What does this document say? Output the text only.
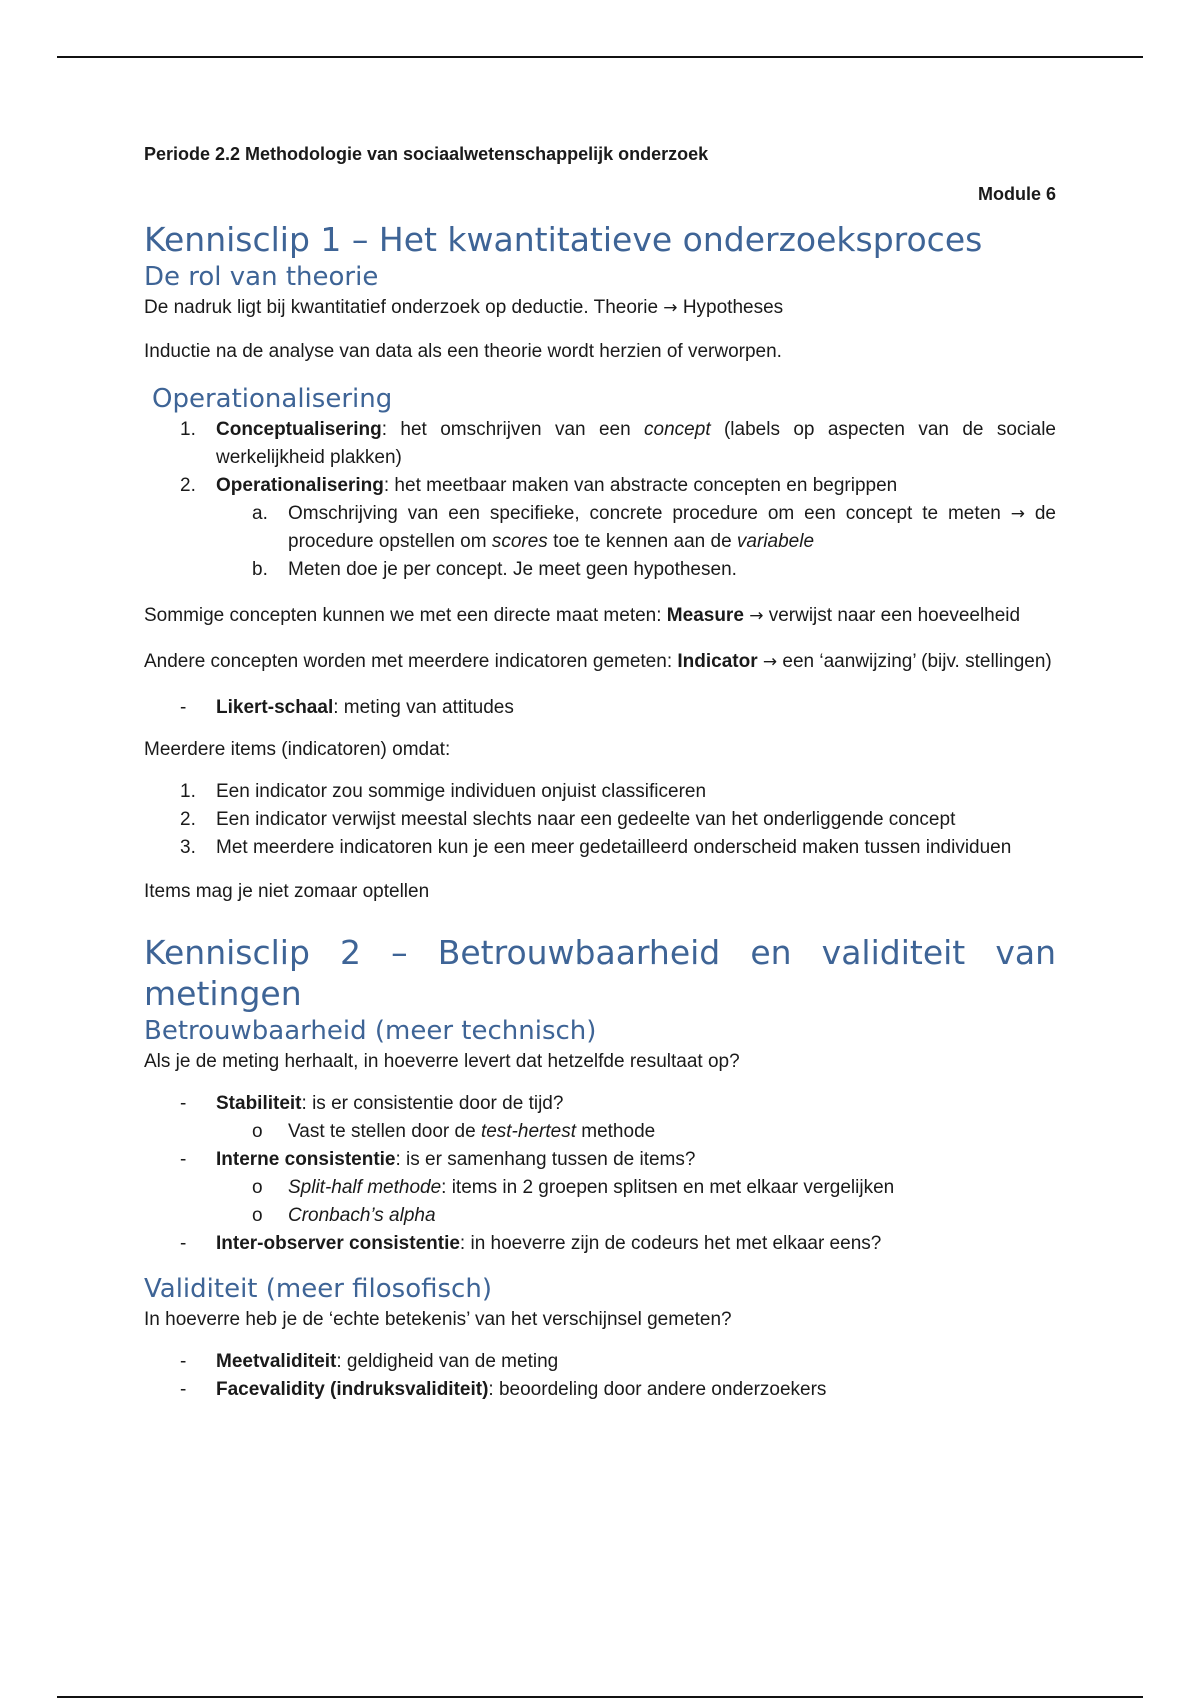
Periode 2.2 Methodologie van sociaalwetenschappelijk onderzoek
Module 6
Kennisclip 1 – Het kwantitatieve onderzoeksproces
De rol van theorie

De nadruk ligt bij kwantitatief onderzoek op deductie. Theorie → Hypotheses

Inductie na de analyse van data als een theorie wordt herzien of verworpen.

Operationalisering
1. Conceptualisering: het omschrijven van een concept (labels op aspecten van de sociale werkelijkheid plakken)
2. Operationalisering: het meetbaar maken van abstracte concepten en begrippen
a. Omschrijving van een specifieke, concrete procedure om een concept te meten → de procedure opstellen om scores toe te kennen aan de variabele
b. Meten doe je per concept. Je meet geen hypothesen.

Sommige concepten kunnen we met een directe maat meten: Measure → verwijst naar een hoeveelheid

Andere concepten worden met meerdere indicatoren gemeten: Indicator → een ‘aanwijzing’ (bijv. stellingen)

- Likert-schaal: meting van attitudes

Meerdere items (indicatoren) omdat:

1. Een indicator zou sommige individuen onjuist classificeren
2. Een indicator verwijst meestal slechts naar een gedeelte van het onderliggende concept
3. Met meerdere indicatoren kun je een meer gedetailleerd onderscheid maken tussen individuen

Items mag je niet zomaar optellen

Kennisclip 2 – Betrouwbaarheid en validiteit van metingen
Betrouwbaarheid (meer technisch)

Als je de meting herhaalt, in hoeverre levert dat hetzelfde resultaat op?

- Stabiliteit: is er consistentie door de tijd?
o Vast te stellen door de test-hertest methode
- Interne consistentie: is er samenhang tussen de items?
o Split-half methode: items in 2 groepen splitsen en met elkaar vergelijken
o Cronbach’s alpha
- Inter-observer consistentie: in hoeverre zijn de codeurs het met elkaar eens?
Validiteit (meer filosofisch)

In hoeverre heb je de ‘echte betekenis’ van het verschijnsel gemeten?

- Meetvaliditeit: geldigheid van de meting
- Facevalidity (indruksvaliditeit): beoordeling door andere onderzoekers
